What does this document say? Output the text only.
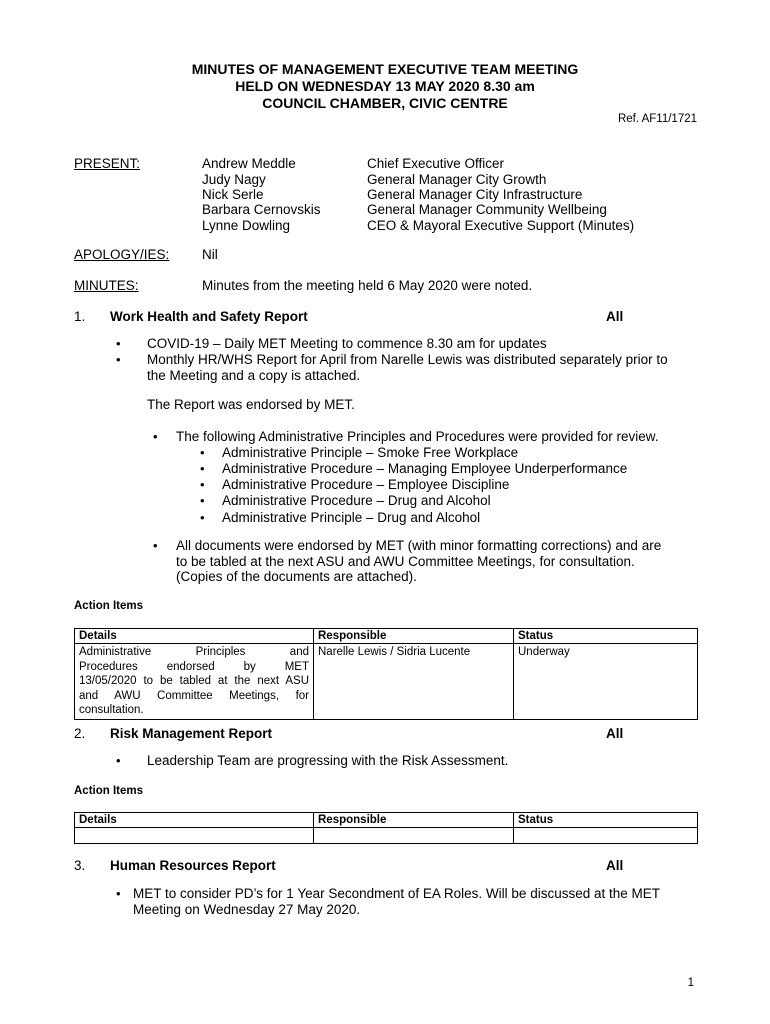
MINUTES OF MANAGEMENT EXECUTIVE TEAM MEETING
HELD ON WEDNESDAY 13 MAY 2020 8.30 am
COUNCIL CHAMBER, CIVIC CENTRE
Ref. AF11/1721
PRESENT:	Andrew Meddle	Chief Executive Officer
Judy Nagy	General Manager City Growth
Nick Serle	General Manager City Infrastructure
Barbara Cernovskis	General Manager Community Wellbeing
Lynne Dowling	CEO & Mayoral Executive Support (Minutes)
APOLOGY/IES: Nil
MINUTES:	Minutes from the meeting held 6 May 2020 were noted.
1. Work Health and Safety Report	All
• COVID-19 – Daily MET Meeting to commence 8.30 am for updates
• Monthly HR/WHS Report for April from Narelle Lewis was distributed separately prior to
the Meeting and a copy is attached.
The Report was endorsed by MET.
• The following Administrative Principles and Procedures were provided for review.
• Administrative Principle – Smoke Free Workplace
• Administrative Procedure – Managing Employee Underperformance
• Administrative Procedure – Employee Discipline
• Administrative Procedure – Drug and Alcohol
• Administrative Principle – Drug and Alcohol
• All documents were endorsed by MET (with minor formatting corrections) and are
to be tabled at the next ASU and AWU Committee Meetings, for consultation.
(Copies of the documents are attached).
Action Items
Details	Responsible	Status

Administrative Principles and
Procedures endorsed by MET
13/05/2020 to be tabled at the next ASU
and AWU Committee Meetings, for
consultation.	Narelle Lewis / Sidria Lucente	Underway
2. Risk Management Report	All
• Leadership Team are progressing with the Risk Assessment.
Action Items
Details	Responsible	Status

3. Human Resources Report	All
• MET to consider PD’s for 1 Year Secondment of EA Roles. Will be discussed at the MET
Meeting on Wednesday 27 May 2020.
1
